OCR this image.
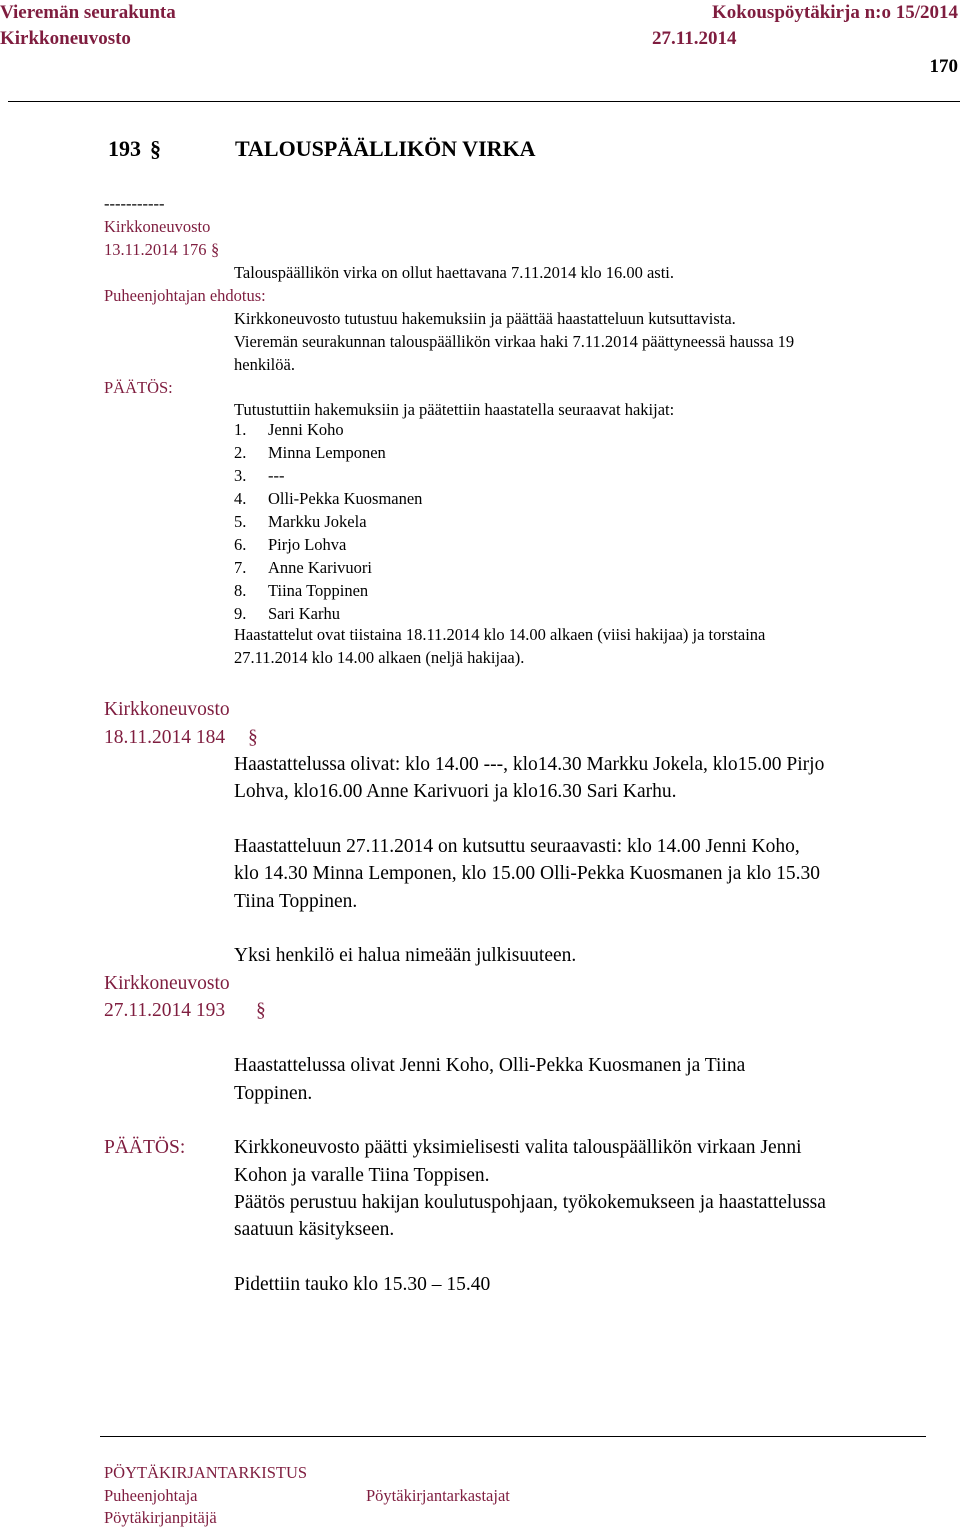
Vieremän seurakunta	Kokouspöytäkirja n:o 15/2014
Kirkkoneuvosto	27.11.2014
170
193 §	TALOUSPÄÄLLIKÖN VIRKA
-----------
Kirkkoneuvosto
13.11.2014 176 §
Talouspäällikön virka on ollut haettavana 7.11.2014 klo 16.00 asti.
Puheenjohtajan ehdotus:
Kirkkoneuvosto tutustuu hakemuksiin ja päättää haastatteluun kutsuttavista.
Vieremän seurakunnan talouspäällikön virkaa haki 7.11.2014 päättyneessä haussa 19
henkilöä.
PÄÄTÖS:
Tutustuttiin hakemuksiin ja päätettiin haastatella seuraavat hakijat:
1. Jenni Koho
2. Minna Lemponen
3. ---
4. Olli-Pekka Kuosmanen
5. Markku Jokela
6. Pirjo Lohva
7. Anne Karivuori
8. Tiina Toppinen
9. Sari Karhu
Haastattelut ovat tiistaina 18.11.2014 klo 14.00 alkaen (viisi hakijaa) ja torstaina
27.11.2014 klo 14.00 alkaen (neljä hakijaa).
Kirkkoneuvosto
18.11.2014 184 §
Haastattelussa olivat: klo 14.00 ---, klo14.30 Markku Jokela, klo15.00 Pirjo
Lohva, klo16.00 Anne Karivuori ja klo16.30 Sari Karhu.
Haastatteluun 27.11.2014 on kutsuttu seuraavasti: klo 14.00 Jenni Koho,
klo 14.30 Minna Lemponen, klo 15.00 Olli-Pekka Kuosmanen ja klo 15.30
Tiina Toppinen.
Yksi henkilö ei halua nimeään julkisuuteen.
Kirkkoneuvosto
27.11.2014 193 §
Haastattelussa olivat Jenni Koho, Olli-Pekka Kuosmanen ja Tiina
Toppinen.
PÄÄTÖS: Kirkkoneuvosto päätti yksimielisesti valita talouspäällikön virkaan Jenni
Kohon ja varalle Tiina Toppisen.
Päätös perustuu hakijan koulutuspohjaan, työkokemukseen ja haastattelussa
saatuun käsitykseen.
Pidettiin tauko klo 15.30 – 15.40
PÖYTÄKIRJANTARKISTUS
Puheenjohtaja	Pöytäkirjantarkastajat
Pöytäkirjanpitäjä
